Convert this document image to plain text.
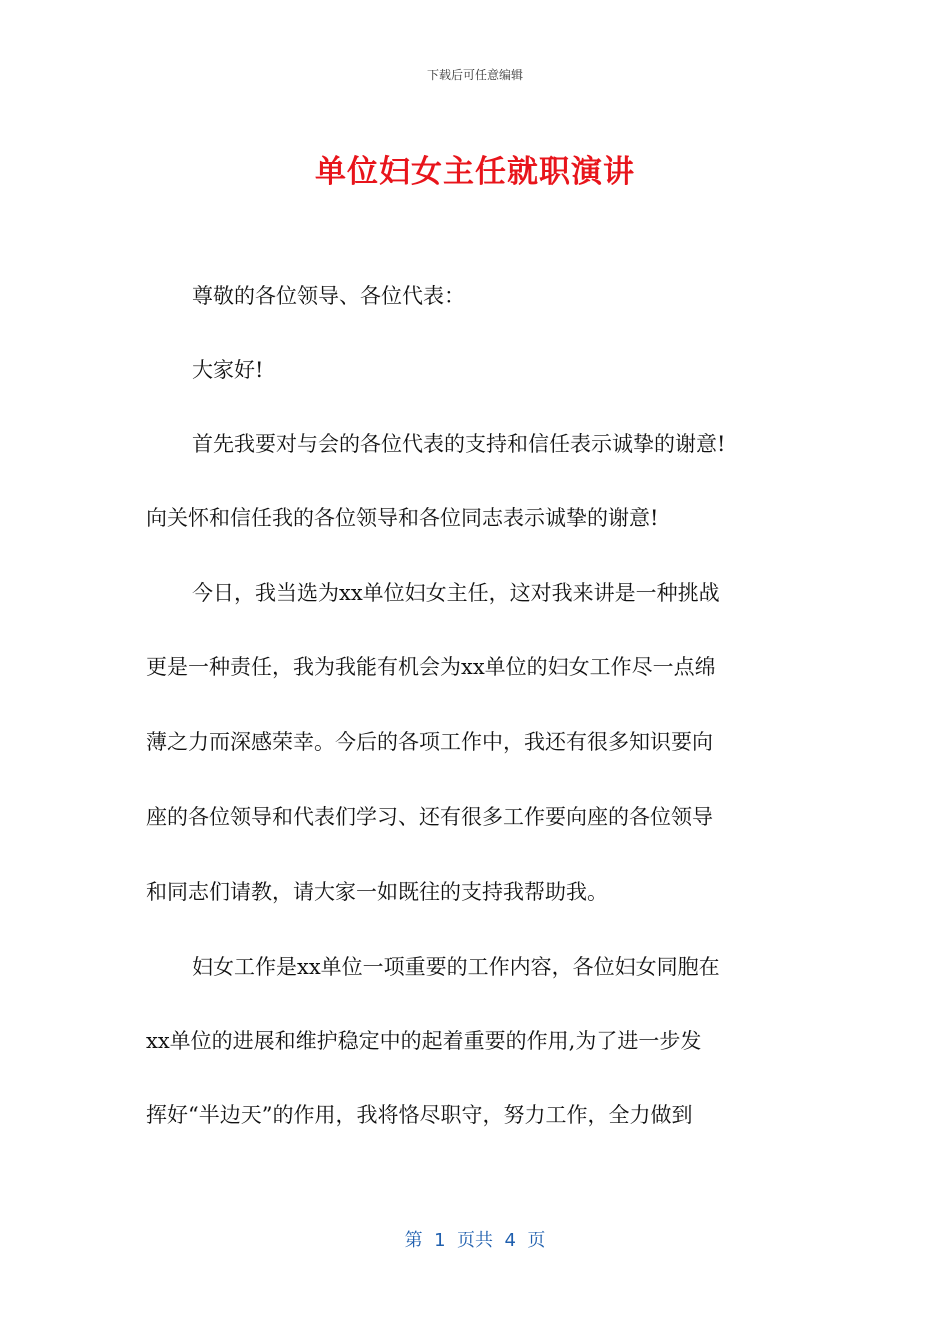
下载后可任意编辑
单位妇女主任就职演讲
尊敬的各位领导、各位代表：
大家好!
首先我要对与会的各位代表的支持和信任表示诚挚的谢意!
向关怀和信任我的各位领导和各位同志表示诚挚的谢意!
今日，我当选为xx单位妇女主任，这对我来讲是一种挑战
更是一种责任，我为我能有机会为xx单位的妇女工作尽一点绵
薄之力而深感荣幸。今后的各项工作中，我还有很多知识要向
座的各位领导和代表们学习、还有很多工作要向座的各位领导
和同志们请教，请大家一如既往的支持我帮助我。
妇女工作是xx单位一项重要的工作内容，各位妇女同胞在
xx单位的进展和维护稳定中的起着重要的作用,为了进一步发
挥好“半边天”的作用，我将恪尽职守，努力工作，全力做到
第  1  页共  4  页
